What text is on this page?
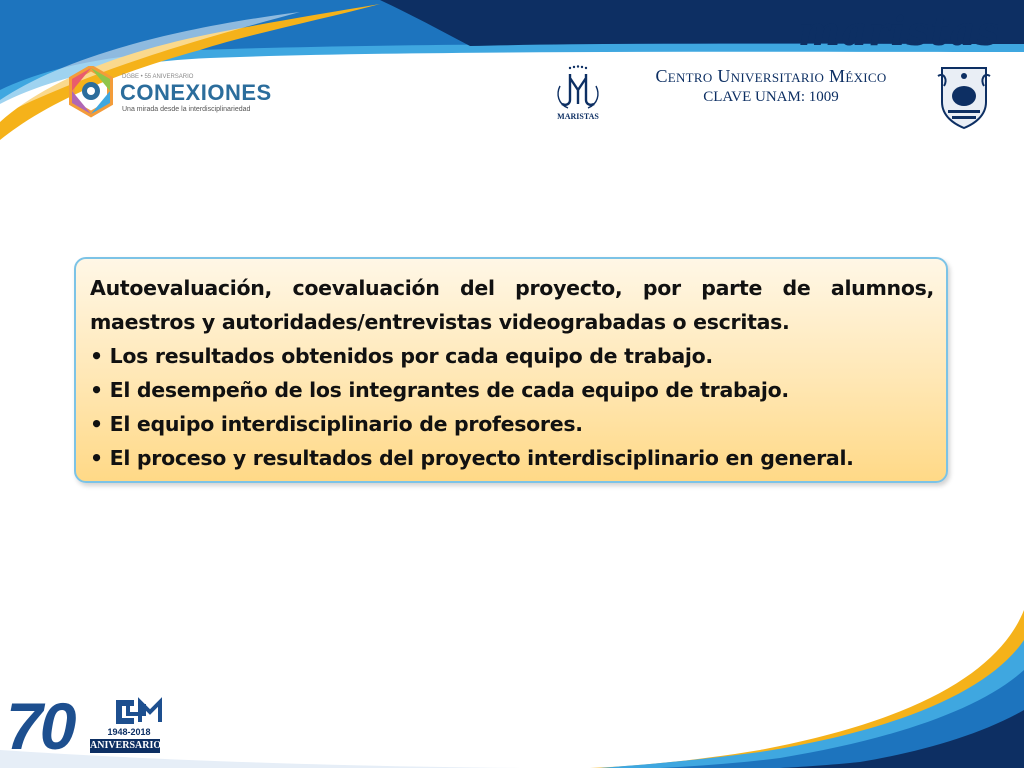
maristas
DGBE • 55 ANIVERSARIO
CONEXIONES
Una mirada desde la interdisciplinariedad
MARISTAS
Centro Universitario México
CLAVE UNAM: 1009

Autoevaluación, coevaluación del proyecto, por parte de alumnos, maestros y autoridades/entrevistas videograbadas o escritas.

• Los resultados obtenidos por cada equipo de trabajo.

• El desempeño de los integrantes de cada equipo de trabajo.

• El equipo interdisciplinario de profesores.

• El proceso y resultados del proyecto interdisciplinario en general.

70	1948-2018
ANIVERSARIO
